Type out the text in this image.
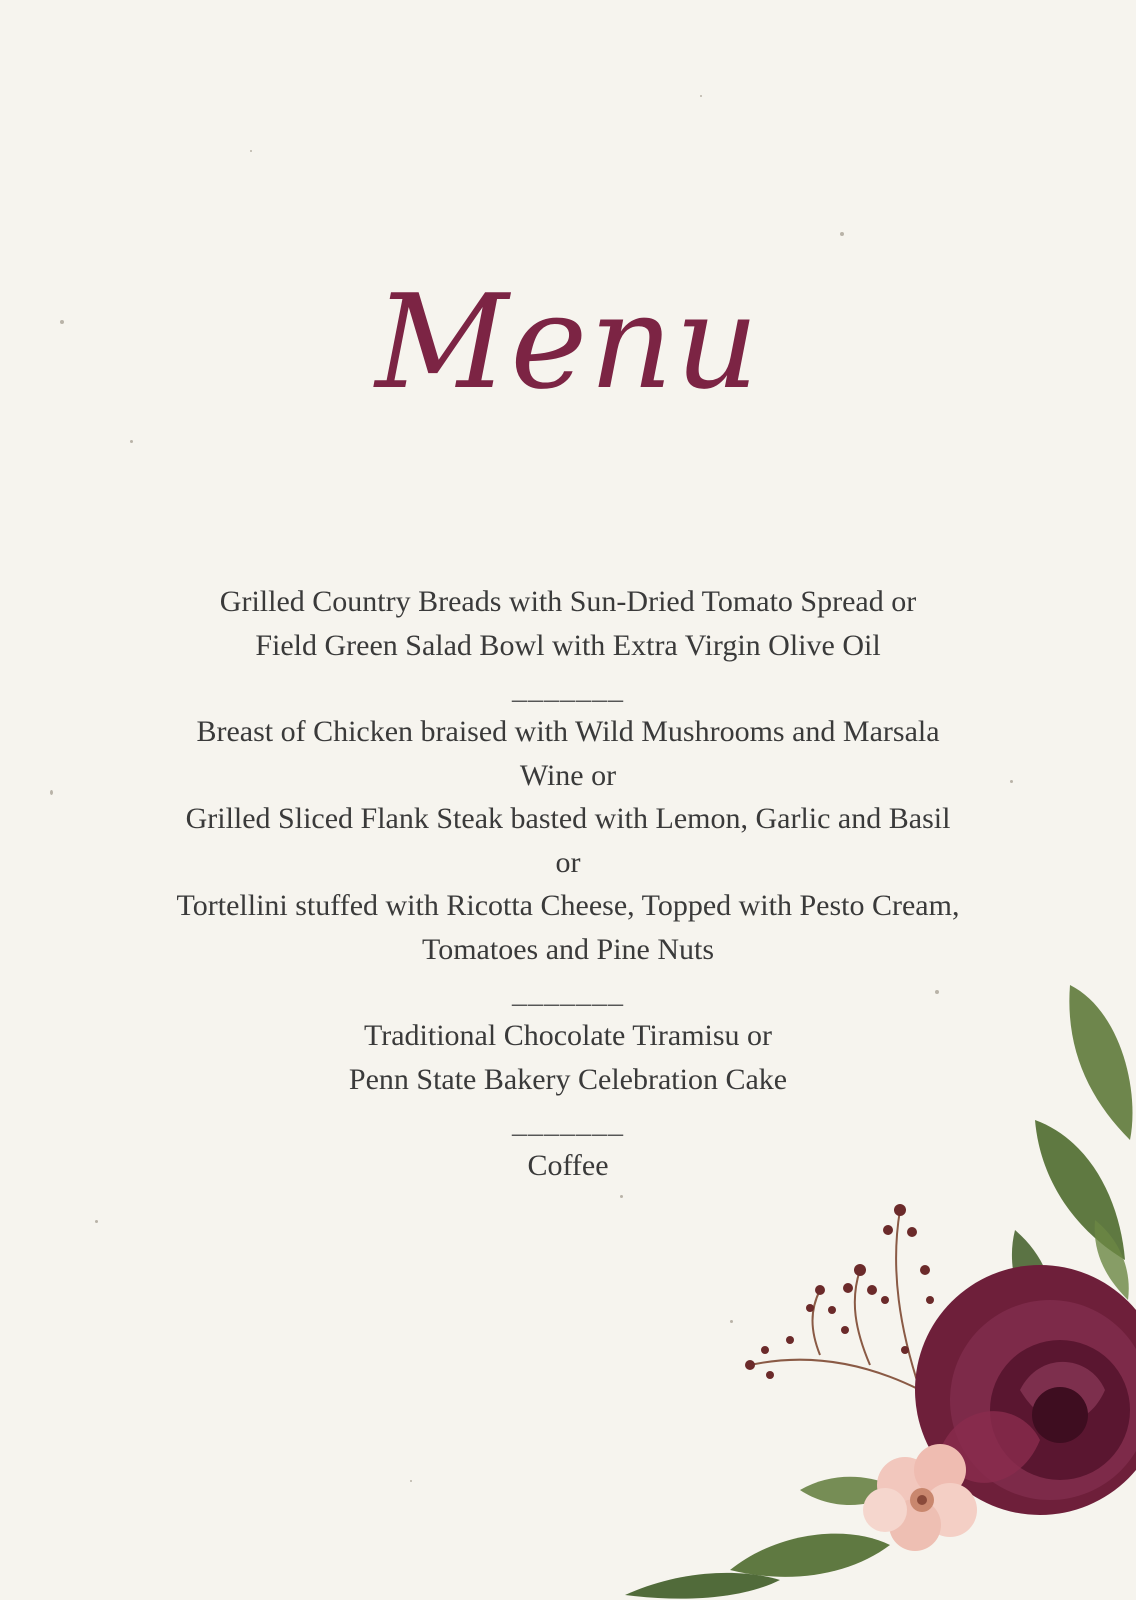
Menu
Grilled Country Breads with Sun-Dried Tomato Spread or
Field Green Salad Bowl with Extra Virgin Olive Oil
_______
Breast of Chicken braised with Wild Mushrooms and Marsala
Wine or
Grilled Sliced Flank Steak basted with Lemon, Garlic and Basil
or
Tortellini stuffed with Ricotta Cheese, Topped with Pesto Cream,
Tomatoes and Pine Nuts
_______
Traditional Chocolate Tiramisu or
Penn State Bakery Celebration Cake
_______
Coffee
